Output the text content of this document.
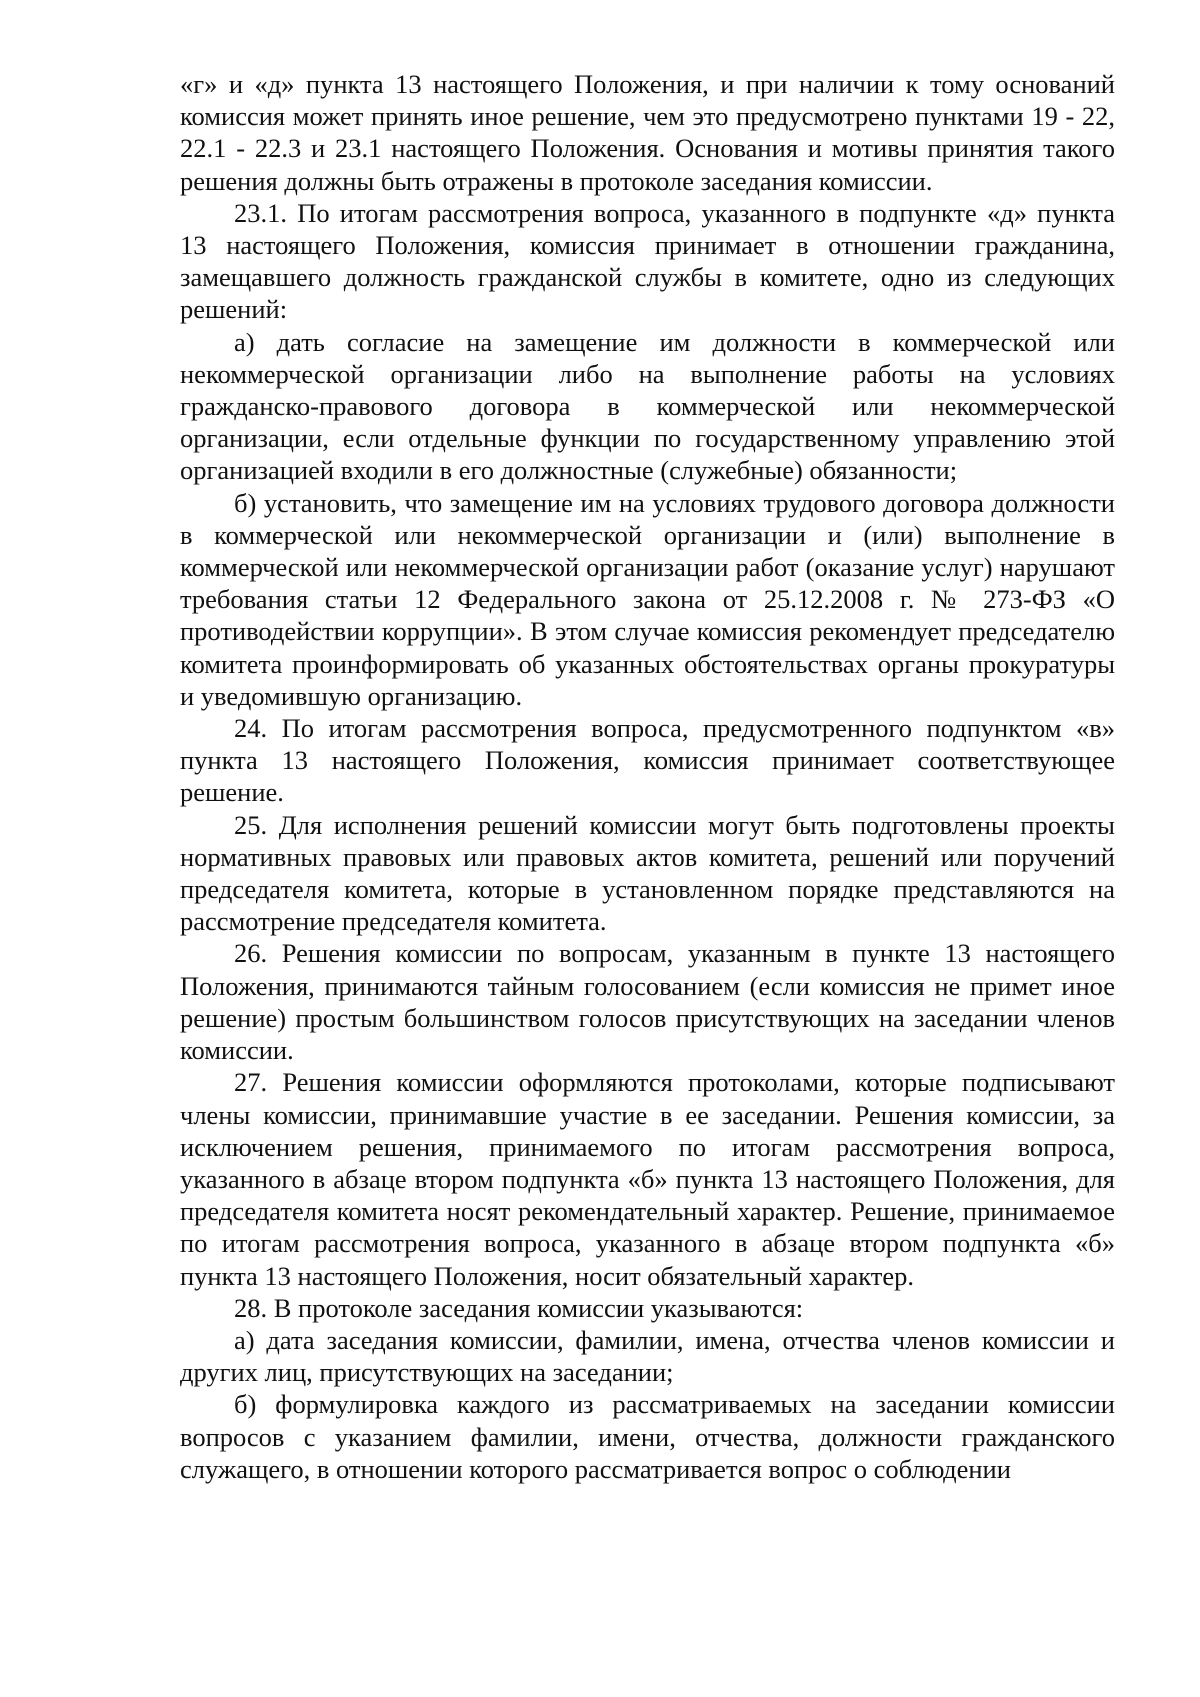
«г» и «д» пункта 13 настоящего Положения, и при наличии к тому оснований комиссия может принять иное решение, чем это предусмотрено пунктами 19 - 22, 22.1 - 22.3 и 23.1 настоящего Положения. Основания и мотивы принятия такого решения должны быть отражены в протоколе заседания комиссии.

23.1. По итогам рассмотрения вопроса, указанного в подпункте «д» пункта 13 настоящего Положения, комиссия принимает в отношении гражданина, замещавшего должность гражданской службы в комитете, одно из следующих решений:

а) дать согласие на замещение им должности в коммерческой или некоммерческой организации либо на выполнение работы на условиях гражданско-правового договора в коммерческой или некоммерческой организации, если отдельные функции по государственному управлению этой организацией входили в его должностные (служебные) обязанности;

б) установить, что замещение им на условиях трудового договора должности в коммерческой или некоммерческой организации и (или) выполнение в коммерческой или некоммерческой организации работ (оказание услуг) нарушают требования статьи 12 Федерального закона от 25.12.2008 г. № 273-ФЗ «О противодействии коррупции». В этом случае комиссия рекомендует председателю комитета проинформировать об указанных обстоятельствах органы прокуратуры и уведомившую организацию.

24. По итогам рассмотрения вопроса, предусмотренного подпунктом «в» пункта 13 настоящего Положения, комиссия принимает соответствующее решение.

25. Для исполнения решений комиссии могут быть подготовлены проекты нормативных правовых или правовых актов комитета, решений или поручений председателя комитета, которые в установленном порядке представляются на рассмотрение председателя комитета.

26. Решения комиссии по вопросам, указанным в пункте 13 настоящего Положения, принимаются тайным голосованием (если комиссия не примет иное решение) простым большинством голосов присутствующих на заседании членов комиссии.

27. Решения комиссии оформляются протоколами, которые подписывают члены комиссии, принимавшие участие в ее заседании. Решения комиссии, за исключением решения, принимаемого по итогам рассмотрения вопроса, указанного в абзаце втором подпункта «б» пункта 13 настоящего Положения, для председателя комитета носят рекомендательный характер. Решение, принимаемое по итогам рассмотрения вопроса, указанного в абзаце втором подпункта «б» пункта 13 настоящего Положения, носит обязательный характер.

28. В протоколе заседания комиссии указываются:

а) дата заседания комиссии, фамилии, имена, отчества членов комиссии и других лиц, присутствующих на заседании;

б) формулировка каждого из рассматриваемых на заседании комиссии вопросов с указанием фамилии, имени, отчества, должности гражданского служащего, в отношении которого рассматривается вопрос о соблюдении
